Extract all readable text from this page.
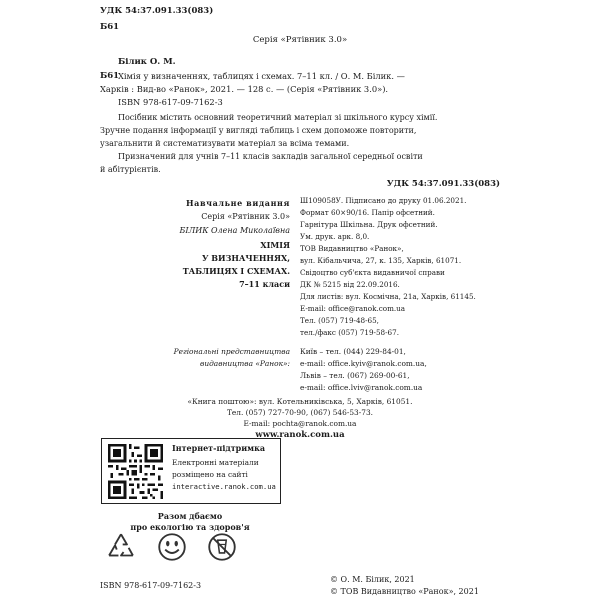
УДК 54:37.091.33(083)
Б61
Серія «Рятівник 3.0»
Білик О. М.
Б61
Хімія у визначеннях, таблицях і схемах. 7–11 кл. / О. М. Білик. —
Харків : Вид-во «Ранок», 2021. — 128 с. — (Серія «Рятівник 3.0»).
ISBN 978-617-09-7162-3
Посібник містить основний теоретичний матеріал зі шкільного курсу хімії.
Зручне подання інформації у вигляді таблиць і схем допоможе повторити,
узагальнити й систематизувати матеріал за всіма темами.
Призначений для учнів 7–11 класів закладів загальної середньої освіти
й абітурієнтів.
УДК 54:37.091.33(083)
Навчальне видання
Серія «Рятівник 3.0»
БІЛИК Олена Миколаївна
ХІМІЯ
У ВИЗНАЧЕННЯХ,
ТАБЛИЦЯХ І СХЕМАХ.
7–11 класи
Ш109058У. Підписано до друку 01.06.2021.
Формат 60×90/16. Папір офсетний.
Гарнітура Шкільна. Друк офсетний.
Ум. друк. арк. 8,0.
ТОВ Видавництво «Ранок»,
вул. Кібальчича, 27, к. 135, Харків, 61071.
Свідоцтво суб'єкта видавничої справи
ДК № 5215 від 22.09.2016.
Для листів: вул. Космічна, 21а, Харків, 61145.
E-mail: office@ranok.com.ua
Тел. (057) 719-48-65,
тел./факс (057) 719-58-67.
Регіональні представництва
видавництва «Ранок»:
Київ – тел. (044) 229-84-01,
e-mail: office.kyiv@ranok.com.ua,
Львів – тел. (067) 269-00-61,
e-mail: office.lviv@ranok.com.ua
«Книга поштою»: вул. Котельниківська, 5, Харків, 61051.
Тел. (057) 727-70-90, (067) 546-53-73.
E-mail: pochta@ranok.com.ua
www.ranok.com.ua
Інтернет-підтримка
Електронні матеріали
розміщено на сайті
interactive.ranok.com.ua
Разом дбаємо
про екологію та здоров'я
ISBN 978-617-09-7162-3
© О. М. Білик, 2021
© ТОВ Видавництво «Ранок», 2021
